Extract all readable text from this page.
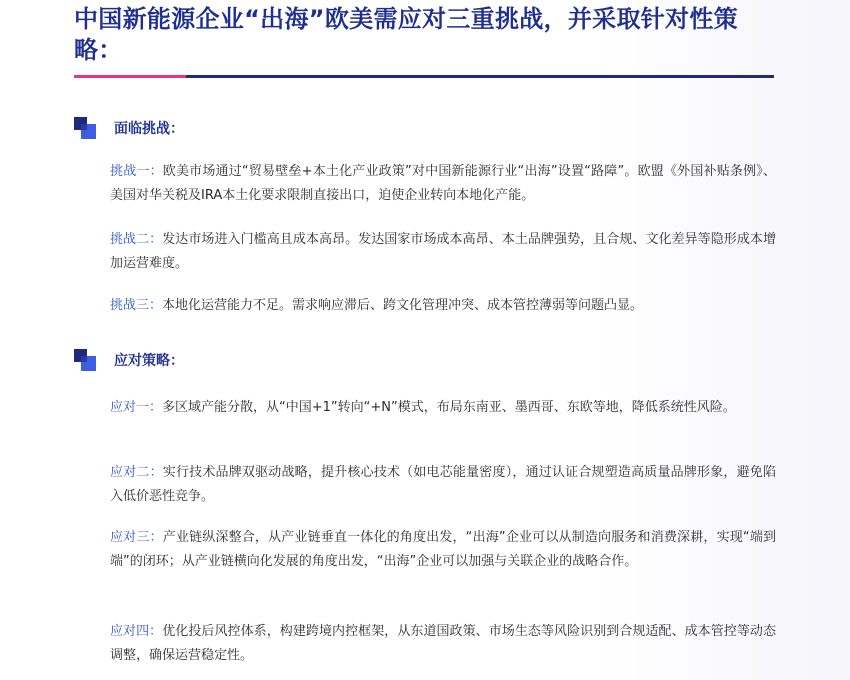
中国新能源企业“出海”欧美需应对三重挑战，并采取针对性策略：
面临挑战：

挑战一：欧美市场通过“贸易壁垒+本土化产业政策”对中国新能源行业“出海”设置“路障”。欧盟《外国补贴条例》、美国对华关税及IRA本土化要求限制直接出口，迫使企业转向本地化产能。

挑战二：发达市场进入门槛高且成本高昂。发达国家市场成本高昂、本土品牌强势，且合规、文化差异等隐形成本增加运营难度。

挑战三：本地化运营能力不足。需求响应滞后、跨文化管理冲突、成本管控薄弱等问题凸显。

应对策略：

应对一：多区域产能分散，从“中国+1”转向“+N”模式，布局东南亚、墨西哥、东欧等地，降低系统性风险。

应对二：实行技术品牌双驱动战略，提升核心技术（如电芯能量密度），通过认证合规塑造高质量品牌形象，避免陷入低价恶性竞争。

应对三：产业链纵深整合，从产业链垂直一体化的角度出发，“出海”企业可以从制造向服务和消费深耕，实现“端到端”的闭环；从产业链横向化发展的角度出发，“出海”企业可以加强与关联企业的战略合作。

应对四：优化投后风控体系，构建跨境内控框架，从东道国政策、市场生态等风险识别到合规适配、成本管控等动态调整，确保运营稳定性。
